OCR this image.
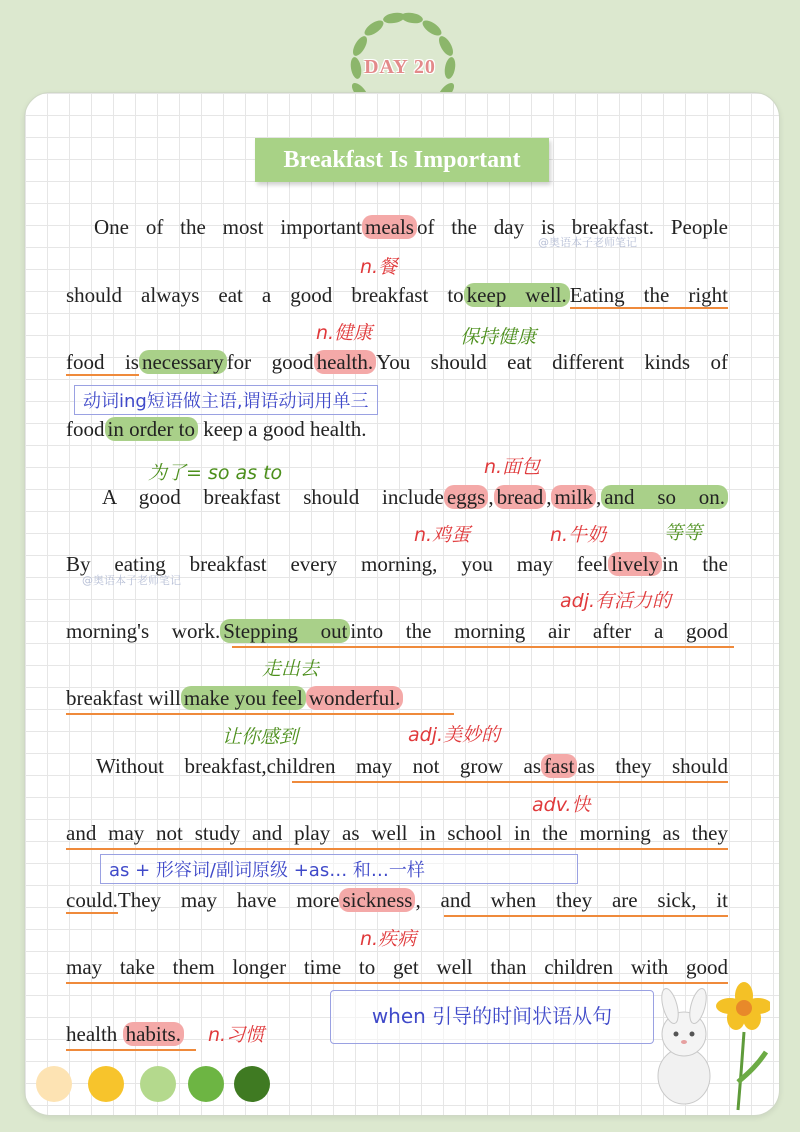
DAY 20
Breakfast Is Important
One of the most important meals of the day is breakfast. People
@奥语本子老师笔记
n.餐
should always eat a good breakfast to keep well. Eating the right
n.健康	保持健康
food is necessary for good health. You should eat different kinds of
动词ing短语做主语,谓语动词用单三
food in order to keep a good health.
为了= so as to	n.面包
A good breakfast should include eggs , bread , milk , and so on.
n.鸡蛋	n.牛奶	等等
By eating breakfast every morning, you may feel lively in the
@奥语本子老师笔记
adj.有活力的
morning's work. Stepping out into the morning air after a good
走出去
breakfast will make you feel wonderful.
让你感到	adj.美妙的
Without breakfast,children may not grow as fast as they should
adv.快
and may not study and play as well in school in the morning as they
as + 形容词/副词原级 +as… 和…一样
could.They may have more sickness , and when they are sick, it
n.疾病
may take them longer time to get well than children with good
health habits. n.习惯
when 引导的时间状语从句
